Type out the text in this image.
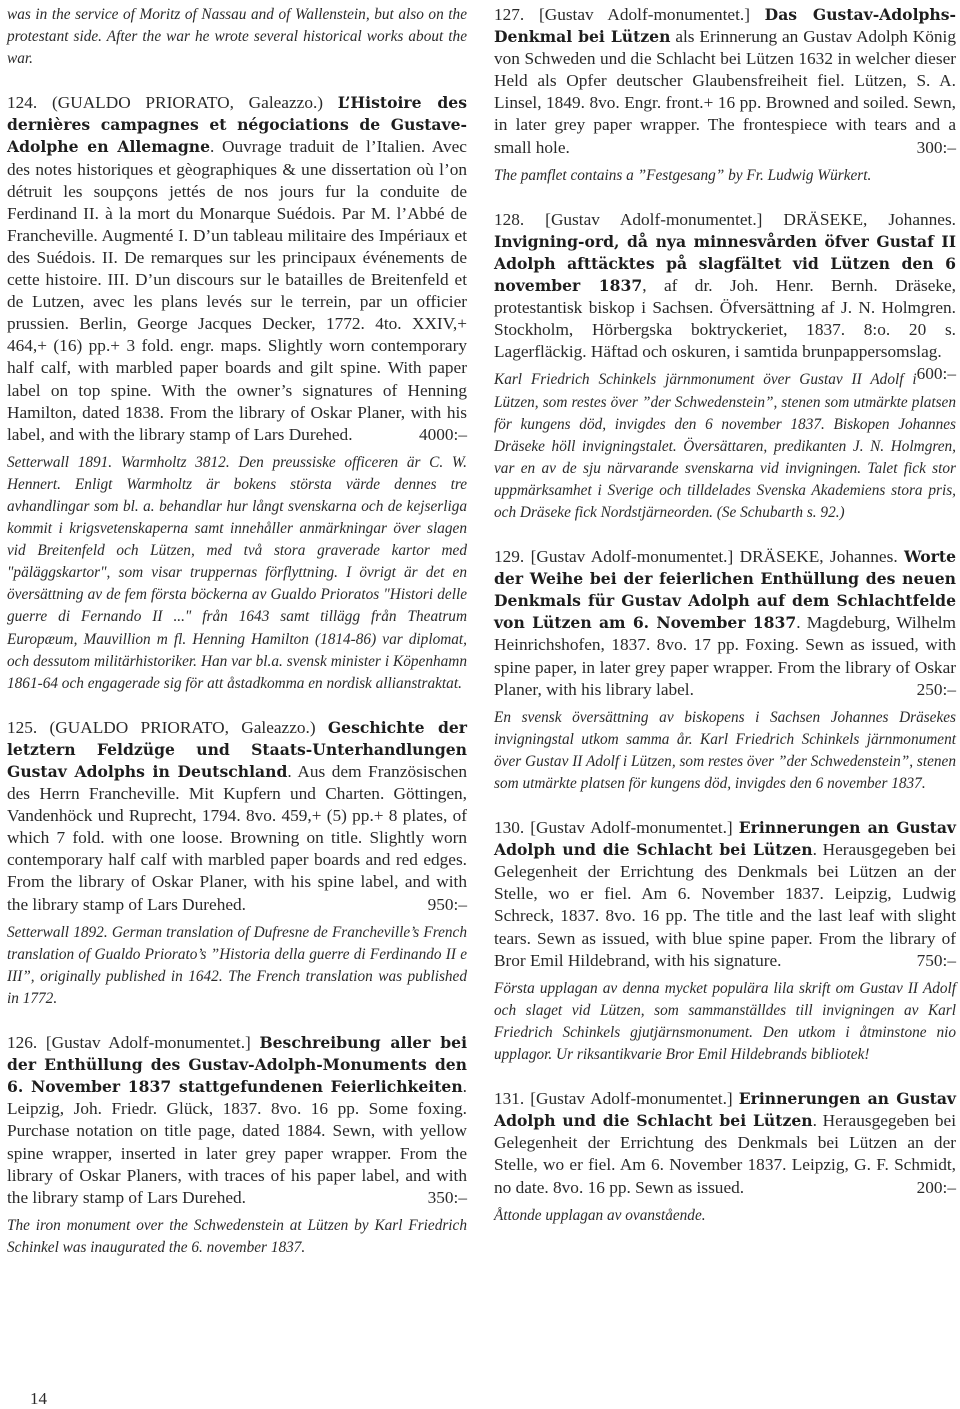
was in the service of Moritz of Nassau and of Wallenstein, but also on the protestant side. After the war he wrote several historical works about the war.

124. (GUALDO PRIORATO, Galeazzo.) L’Histoire des dernières campagnes et négociations de Gustave-Adolphe en Allemagne. Ouvrage traduit de l’Italien. Avec des notes historiques et gèographiques & une dissertation où l’on détruit les soupçons jettés de nos jours fur la conduite de Ferdinand II. à la mort du Monarque Suédois. Par M. l’Abbé de Francheville. Augmenté I. D’un tableau militaire des Impériaux et des Suédois. II. De remarques sur les principaux événements de cette histoire. III. D’un discours sur le batailles de Breitenfeld et de Lutzen, avec les plans levés sur le terrein, par un officier prussien. Berlin, George Jacques Decker, 1772. 4to. XXIV,+ 464,+ (16) pp.+ 3 fold. engr. maps. Slightly worn contemporary half calf, with marbled paper boards and gilt spine. With paper label on top spine. With the owner’s signatures of Henning Hamilton, dated 1838. From the library of Oskar Planer, with his label, and with the library stamp of Lars Durehed.	4000:–

Setterwall 1891. Warmholtz 3812. Den preussiske officeren är C. W. Hennert. Enligt Warmholtz är bokens största värde dennes tre avhandlingar som bl. a. behandlar hur långt svenskarna och de kejserliga kommit i krigsvetenskaperna samt innehåller anmärkningar över slagen vid Breitenfeld och Lützen, med två stora graverade kartor med "päläggskartor", som visar truppernas förflyttning. I övrigt är det en översättning av de fem första böckerna av Gualdo Prioratos "Histori delle guerre di Fernando II ..." från 1643 samt tillägg från Theatrum Europæum, Mauvillion m fl. Henning Hamilton (1814-86) var diplomat, och dessutom militärhistoriker. Han var bl.a. svensk minister i Köpenhamn 1861-64 och engagerade sig för att åstadkomma en nordisk allianstraktat.

125. (GUALDO PRIORATO, Galeazzo.) Geschichte der letztern Feldzüge und Staats-Unterhandlungen Gustav Adolphs in Deutschland. Aus dem Französischen des Herrn Francheville. Mit Kupfern und Charten. Göttingen, Vandenhöck und Ruprecht, 1794. 8vo. 459,+ (5) pp.+ 8 plates, of which 7 fold. with one loose. Browning on title. Slightly worn contemporary half calf with marbled paper boards and red edges. From the library of Oskar Planer, with his spine label, and with the library stamp of Lars Durehed.	950:–

Setterwall 1892. German translation of Dufresne de Francheville’s French translation of Gualdo Priorato’s ”Historia della guerre di Ferdinando II e III”, originally published in 1642. The French translation was published in 1772.

126. [Gustav Adolf-monumentet.] Beschreibung aller bei der Enthüllung des Gustav-Adolph-Monuments den 6. November 1837 stattgefundenen Feierlichkeiten. Leipzig, Joh. Friedr. Glück, 1837. 8vo. 16 pp. Some foxing. Purchase notation on title page, dated 1884. Sewn, with yellow spine wrapper, inserted in later grey paper wrapper. From the library of Oskar Planers, with traces of his paper label, and with the library stamp of Lars Durehed.	350:–

The iron monument over the Schwedenstein at Lützen by Karl Friedrich Schinkel was inaugurated the 6. november 1837.

127. [Gustav Adolf-monumentet.] Das Gustav-Adolphs-Denkmal bei Lützen als Erinnerung an Gustav Adolph König von Schweden und die Schlacht bei Lützen 1632 in welcher dieser Held als Opfer deutscher Glaubensfreiheit fiel. Lützen, S. A. Linsel, 1849. 8vo. Engr. front.+ 16 pp. Browned and soiled. Sewn, in later grey paper wrapper. The frontespiece with tears and a small hole.	300:–

The pamflet contains a ”Festgesang” by Fr. Ludwig Würkert.

128. [Gustav Adolf-monumentet.] DRÄSEKE, Johannes. Invigning-ord, då nya minnesvården öfver Gustaf II Adolph afttäcktes på slagfältet vid Lützen den 6 november 1837, af dr. Joh. Henr. Bernh. Dräseke, protestantisk biskop i Sachsen. Öfversättning af J. N. Holmgren. Stockholm, Hörbergska boktryckeriet, 1837. 8:o. 20 s. Lagerfläckig. Häftad och oskuren, i samtida brunpappersomslag.
600:–

Karl Friedrich Schinkels järnmonument över Gustav II Adolf i Lützen, som restes över ”der Schwedenstein”, stenen som utmärkte platsen för kungens död, invigdes den 6 november 1837. Biskopen Johannes Dräseke höll invigningstalet. Översättaren, predikanten J. N. Holmgren, var en av de sju närvarande svenskarna vid invigningen. Talet fick stor uppmärksamhet i Sverige och tilldelades Svenska Akademiens stora pris, och Dräseke fick Nordstjärneorden. (Se Schubarth s. 92.)

129. [Gustav Adolf-monumentet.] DRÄSEKE, Johannes. Worte der Weihe bei der feierlichen Enthüllung des neuen Denkmals für Gustav Adolph auf dem Schlachtfelde von Lützen am 6. November 1837. Magdeburg, Wilhelm Heinrichshofen, 1837. 8vo. 17 pp. Foxing. Sewn as issued, with spine paper, in later grey paper wrapper. From the library of Oskar Planer, with his library label.	250:–

En svensk översättning av biskopens i Sachsen Johannes Dräsekes invigningstal utkom samma år. Karl Friedrich Schinkels järnmonument över Gustav II Adolf i Lützen, som restes över ”der Schwedenstein”, stenen som utmärkte platsen för kungens död, invigdes den 6 november 1837.

130. [Gustav Adolf-monumentet.] Erinnerungen an Gustav Adolph und die Schlacht bei Lützen. Herausgegeben bei Gelegenheit der Errichtung des Denkmals bei Lützen an der Stelle, wo er fiel. Am 6. November 1837. Leipzig, Ludwig Schreck, 1837. 8vo. 16 pp. The title and the last leaf with slight tears. Sewn as issued, with blue spine paper. From the library of Bror Emil Hildebrand, with his signature.	750:–

Första upplagan av denna mycket populära lila skrift om Gustav II Adolf och slaget vid Lützen, som sammanställdes till invigningen av Karl Friedrich Schinkels gjutjärnsmonument. Den utkom i åtminstone nio upplagor. Ur riksantikvarie Bror Emil Hildebrands bibliotek!

131. [Gustav Adolf-monumentet.] Erinnerungen an Gustav Adolph und die Schlacht bei Lützen. Herausgegeben bei Gelegenheit der Errichtung des Denkmals bei Lützen an der Stelle, wo er fiel. Am 6. November 1837. Leipzig, G. F. Schmidt, no date. 8vo. 16 pp. Sewn as issued.	200:–

Åttonde upplagan av ovanstående.

14
